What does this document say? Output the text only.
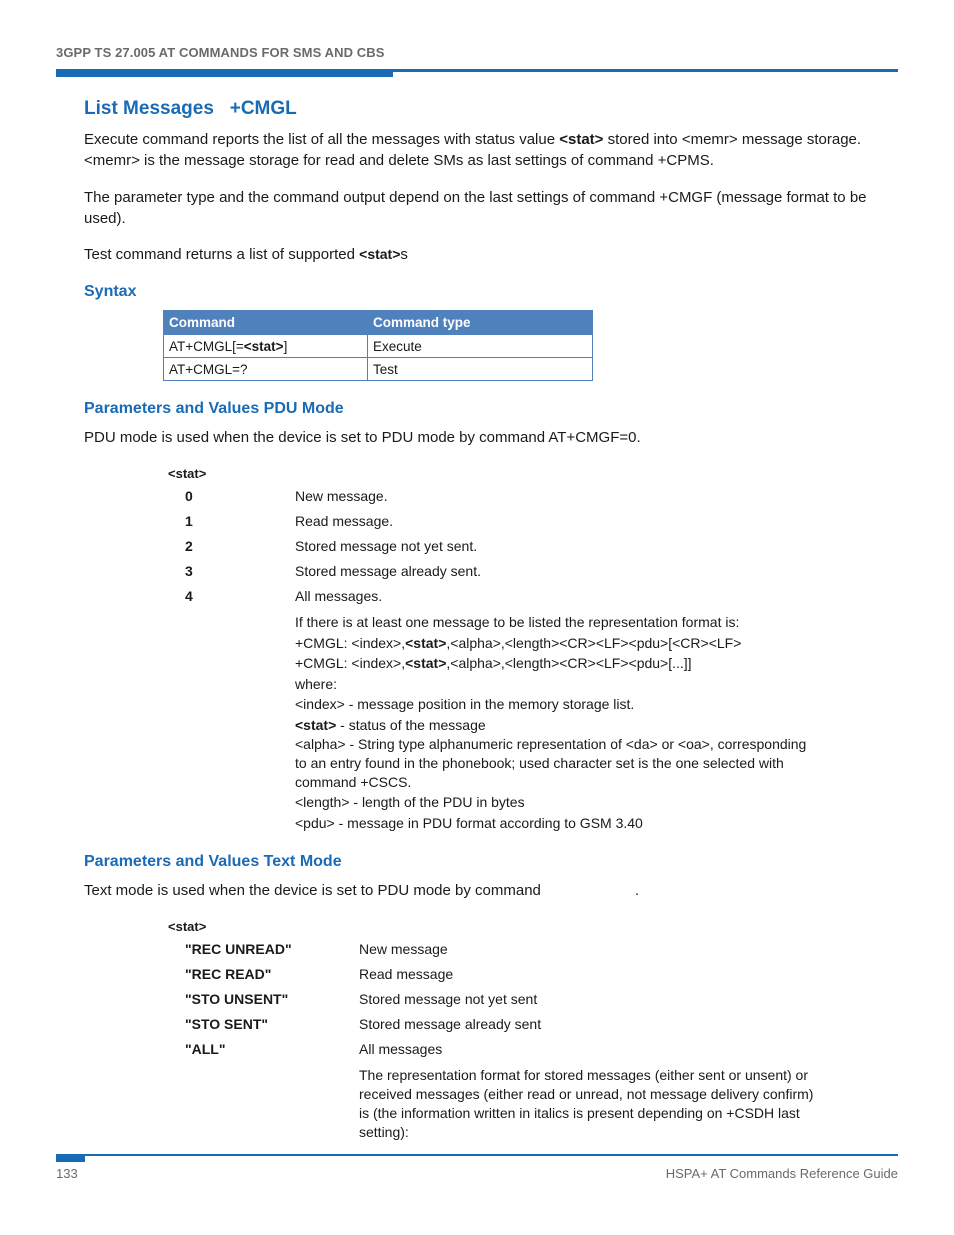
3GPP TS 27.005 AT COMMANDS FOR SMS AND CBS
List Messages   +CMGL
Execute command reports the list of all the messages with status value <stat> stored into <memr> message storage. <memr> is the message storage for read and delete SMs as last settings of command +CPMS.
The parameter type and the command output depend on the last settings of command +CMGF (message format to be used).
Test command returns a list of supported <stat>s
Syntax
Command	Command type
AT+CMGL[=<stat>]	Execute
AT+CMGL=?	Test
Parameters and Values PDU Mode
PDU mode is used when the device is set to PDU mode by command AT+CMGF=0.
<stat>
0	New message.
1	Read message.
2	Stored message not yet sent.
3	Stored message already sent.
4	All messages.
If there is at least one message to be listed the representation format is:
+CMGL: <index>,<stat>,<alpha>,<length><CR><LF><pdu>[<CR><LF>
+CMGL: <index>,<stat>,<alpha>,<length><CR><LF><pdu>[...]]
where:
<index> - message position in the memory storage list.
<stat> - status of the message
<alpha> - String type alphanumeric representation of <da> or <oa>, corresponding to an entry found in the phonebook; used character set is the one selected with command +CSCS.
<length> - length of the PDU in bytes
<pdu> - message in PDU format according to GSM 3.40
Parameters and Values Text Mode
Text mode is used when the device is set to PDU mode by command	.
<stat>
"REC UNREAD"	New message
"REC READ"	Read message
"STO UNSENT"	Stored message not yet sent
"STO SENT"	Stored message already sent
"ALL"	All messages
The representation format for stored messages (either sent or unsent) or received messages (either read or unread, not message delivery confirm) is (the information written in italics is present depending on +CSDH last setting):
133	HSPA+ AT Commands Reference Guide
